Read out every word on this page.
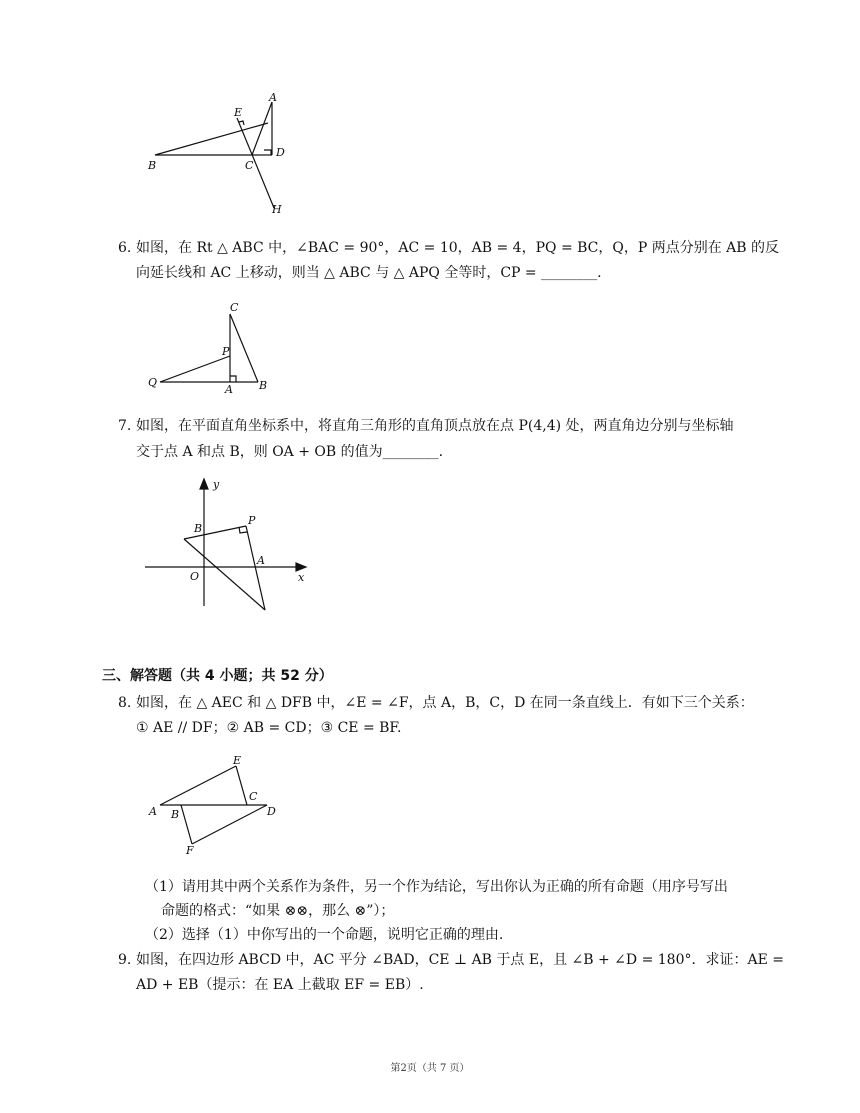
E
A
B	C
D
H
6. 如图，在 Rt △ ABC 中，∠BAC = 90°，AC = 10，AB = 4，PQ = BC，Q，P 两点分别在 AB 的反
向延长线和 AC 上移动，则当 △ ABC 与 △ APQ 全等时，CP = ________.
C
P
Q
A B
7. 如图，在平面直角坐标系中，将直角三角形的直角顶点放在点 P(4,4) 处，两直角边分别与坐标轴
交于点 A 和点 B，则 OA + OB 的值为________.
y
x
O
A
B
P
三、解答题（共 4 小题；共 52 分）
8. 如图，在 △ AEC 和 △ DFB 中，∠E = ∠F，点 A，B，C，D 在同一条直线上．有如下三个关系：
① AE // DF；② AB = CD；③ CE = BF.
E
A B
C
D
F
（1）请用其中两个关系作为条件，另一个作为结论，写出你认为正确的所有命题（用序号写出
命题的格式：“如果 ⊗⊗，那么 ⊗”）；
（2）选择（1）中你写出的一个命题，说明它正确的理由.
9. 如图，在四边形 ABCD 中，AC 平分 ∠BAD，CE ⊥ AB 于点 E，且 ∠B + ∠D = 180°．求证：AE =
AD + EB（提示：在 EA 上截取 EF = EB）.
第2页（共 7 页）
